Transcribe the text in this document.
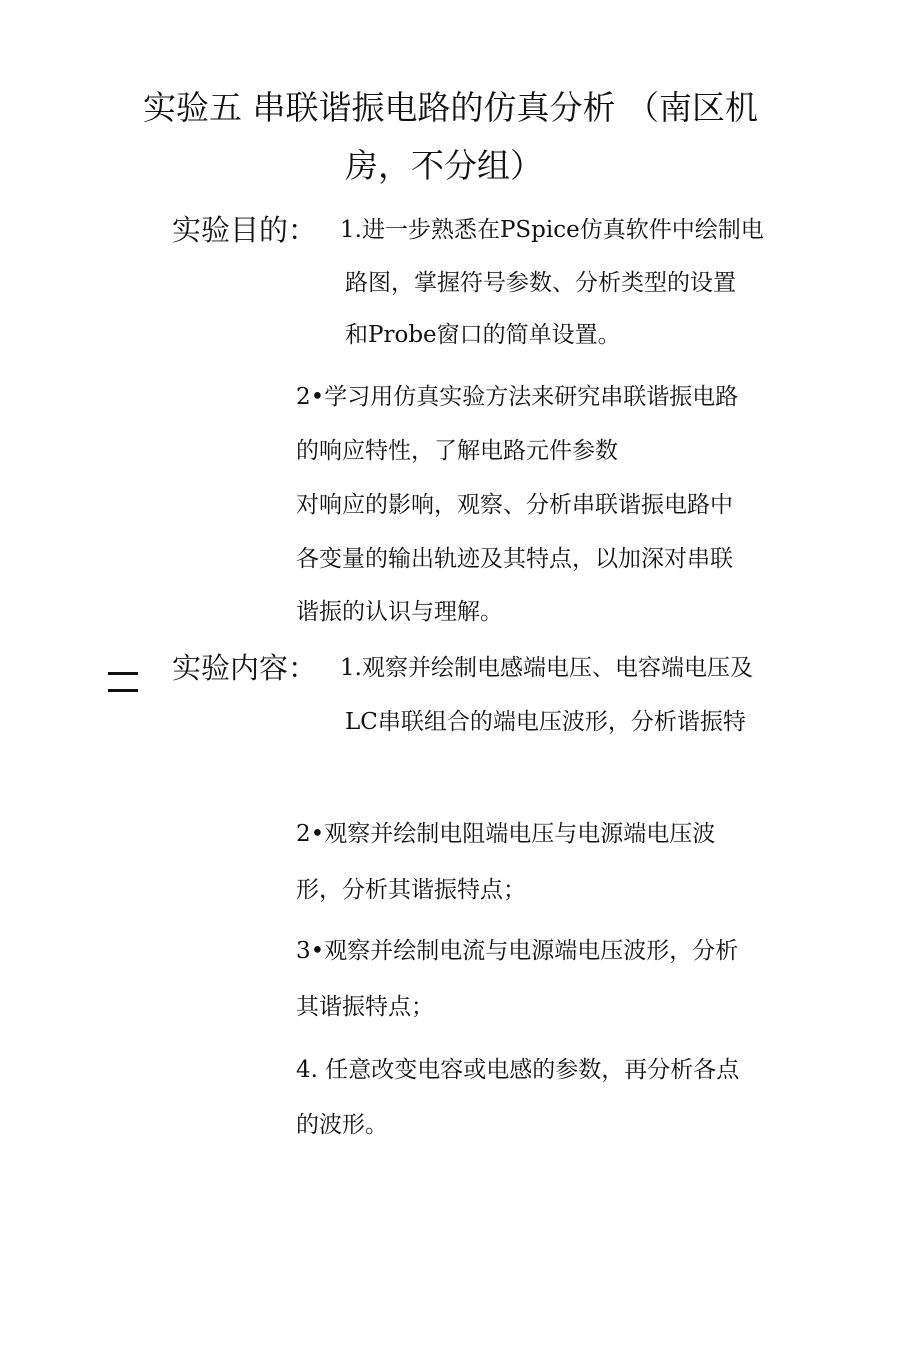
实验五 串联谐振电路的仿真分析 （南区机
房，不分组）
实验目的： 1.进一步熟悉在PSpice仿真软件中绘制电
路图，掌握符号参数、分析类型的设置
和Probe窗口的简单设置。
2•学习用仿真实验方法来研究串联谐振电路
的响应特性，了解电路元件参数
对响应的影响，观察、分析串联谐振电路中
各变量的输出轨迹及其特点，以加深对串联
谐振的认识与理解。
实验内容： 1.观察并绘制电感端电压、电容端电压及
LC串联组合的端电压波形，分析谐振特
2•观察并绘制电阻端电压与电源端电压波
形，分析其谐振特点；
3•观察并绘制电流与电源端电压波形，分析
其谐振特点；
4. 任意改变电容或电感的参数，再分析各点
的波形。
